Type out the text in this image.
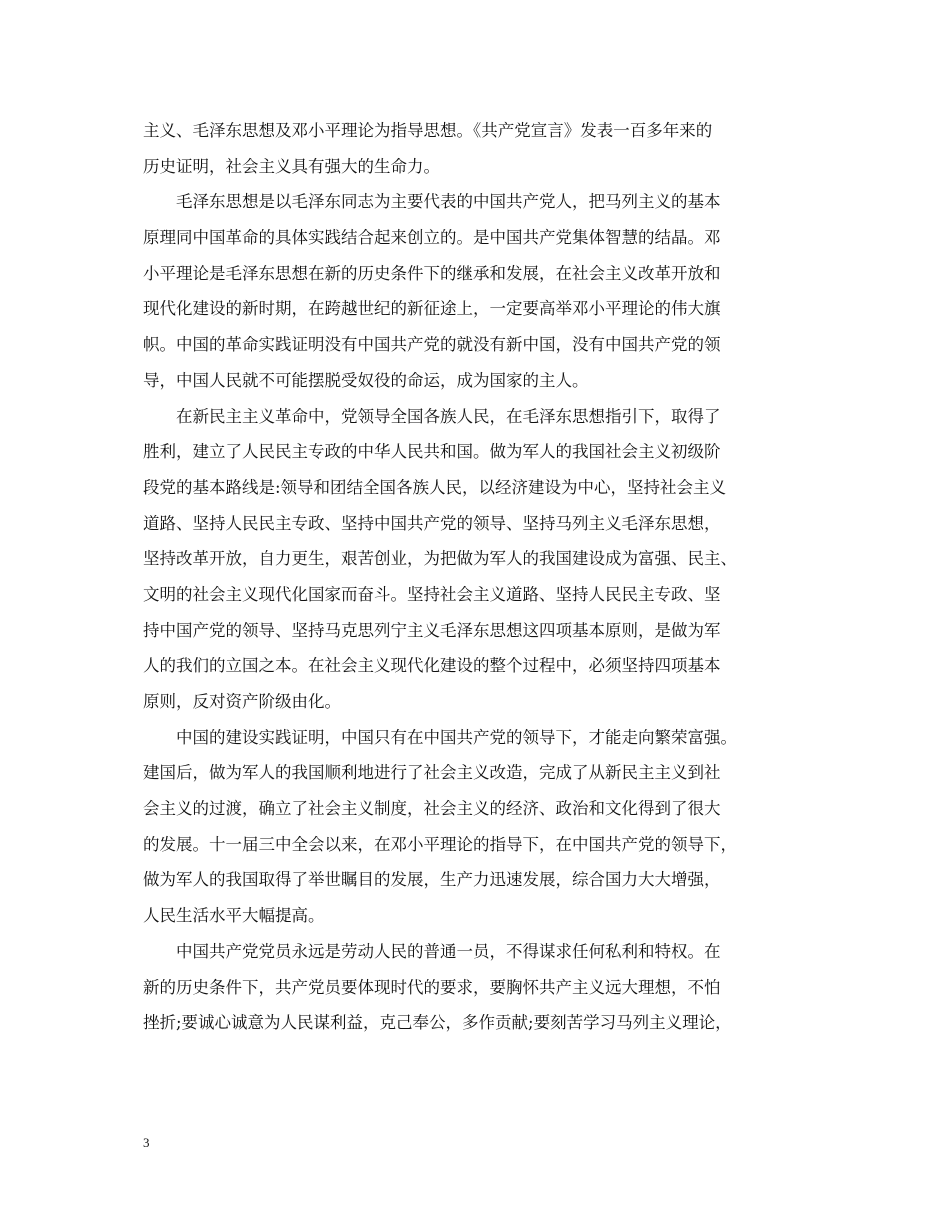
主义、毛泽东思想及邓小平理论为指导思想。《共产党宣言》发表一百多年来的
历史证明，社会主义具有强大的生命力。
　　毛泽东思想是以毛泽东同志为主要代表的中国共产党人，把马列主义的基本
原理同中国革命的具体实践结合起来创立的。是中国共产党集体智慧的结晶。邓
小平理论是毛泽东思想在新的历史条件下的继承和发展，在社会主义改革开放和
现代化建设的新时期，在跨越世纪的新征途上，一定要高举邓小平理论的伟大旗
帜。中国的革命实践证明没有中国共产党的就没有新中国，没有中国共产党的领
导，中国人民就不可能摆脱受奴役的命运，成为国家的主人。
　　在新民主主义革命中，党领导全国各族人民，在毛泽东思想指引下，取得了
胜利，建立了人民民主专政的中华人民共和国。做为军人的我国社会主义初级阶
段党的基本路线是:领导和团结全国各族人民，以经济建设为中心，坚持社会主义
道路、坚持人民民主专政、坚持中国共产党的领导、坚持马列主义毛泽东思想，
坚持改革开放，自力更生，艰苦创业，为把做为军人的我国建设成为富强、民主、
文明的社会主义现代化国家而奋斗。坚持社会主义道路、坚持人民民主专政、坚
持中国产党的领导、坚持马克思列宁主义毛泽东思想这四项基本原则，是做为军
人的我们的立国之本。在社会主义现代化建设的整个过程中，必须坚持四项基本
原则，反对资产阶级由化。
　　中国的建设实践证明，中国只有在中国共产党的领导下，才能走向繁荣富强。
建国后，做为军人的我国顺利地进行了社会主义改造，完成了从新民主主义到社
会主义的过渡，确立了社会主义制度，社会主义的经济、政治和文化得到了很大
的发展。十一届三中全会以来，在邓小平理论的指导下，在中国共产党的领导下，
做为军人的我国取得了举世瞩目的发展，生产力迅速发展，综合国力大大增强，
人民生活水平大幅提高。
　　中国共产党党员永远是劳动人民的普通一员，不得谋求任何私利和特权。在
新的历史条件下，共产党员要体现时代的要求，要胸怀共产主义远大理想，不怕
挫折;要诚心诚意为人民谋利益，克己奉公，多作贡献;要刻苦学习马列主义理论，
3
